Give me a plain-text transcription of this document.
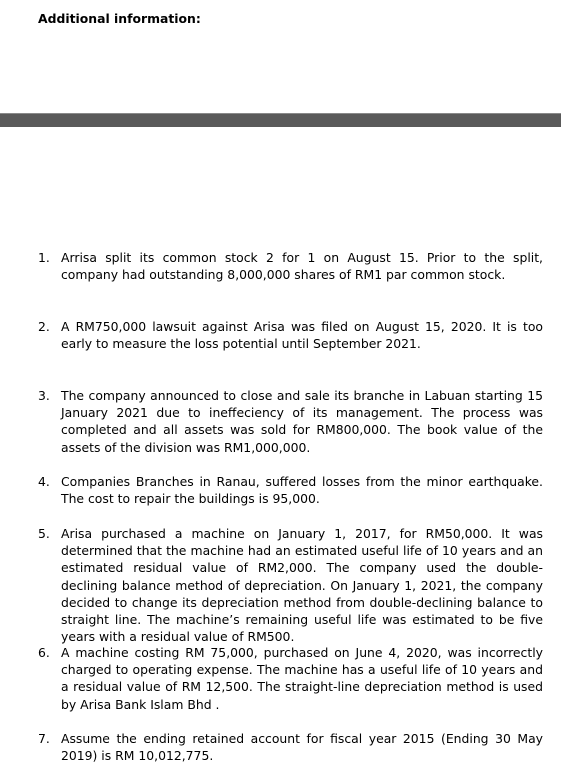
Additional information:
1. Arrisa split its common stock 2 for 1 on August 15. Prior to the split, company had outstanding 8,000,000 shares of RM1 par common stock.
2. A RM750,000 lawsuit against Arisa was filed on August 15, 2020. It is too early to measure the loss potential until September 2021.
3. The company announced to close and sale its branche in Labuan starting 15 January 2021 due to ineffeciency of its management. The process was completed and all assets was sold for RM800,000. The book value of the assets of the division was RM1,000,000.
4. Companies Branches in Ranau, suffered losses from the minor earthquake. The cost to repair the buildings is 95,000.
5. Arisa purchased a machine on January 1, 2017, for RM50,000. It was determined that the machine had an estimated useful life of 10 years and an estimated residual value of RM2,000. The company used the double-declining balance method of depreciation. On January 1, 2021, the company decided to change its depreciation method from double-declining balance to straight line. The machine’s remaining useful life was estimated to be five years with a residual value of RM500.
6. A machine costing RM 75,000, purchased on June 4, 2020, was incorrectly charged to operating expense. The machine has a useful life of 10 years and a residual value of RM 12,500. The straight-line depreciation method is used by Arisa Bank Islam Bhd .
7. Assume the ending retained account for fiscal year 2015 (Ending 30 May 2019) is RM 10,012,775.
